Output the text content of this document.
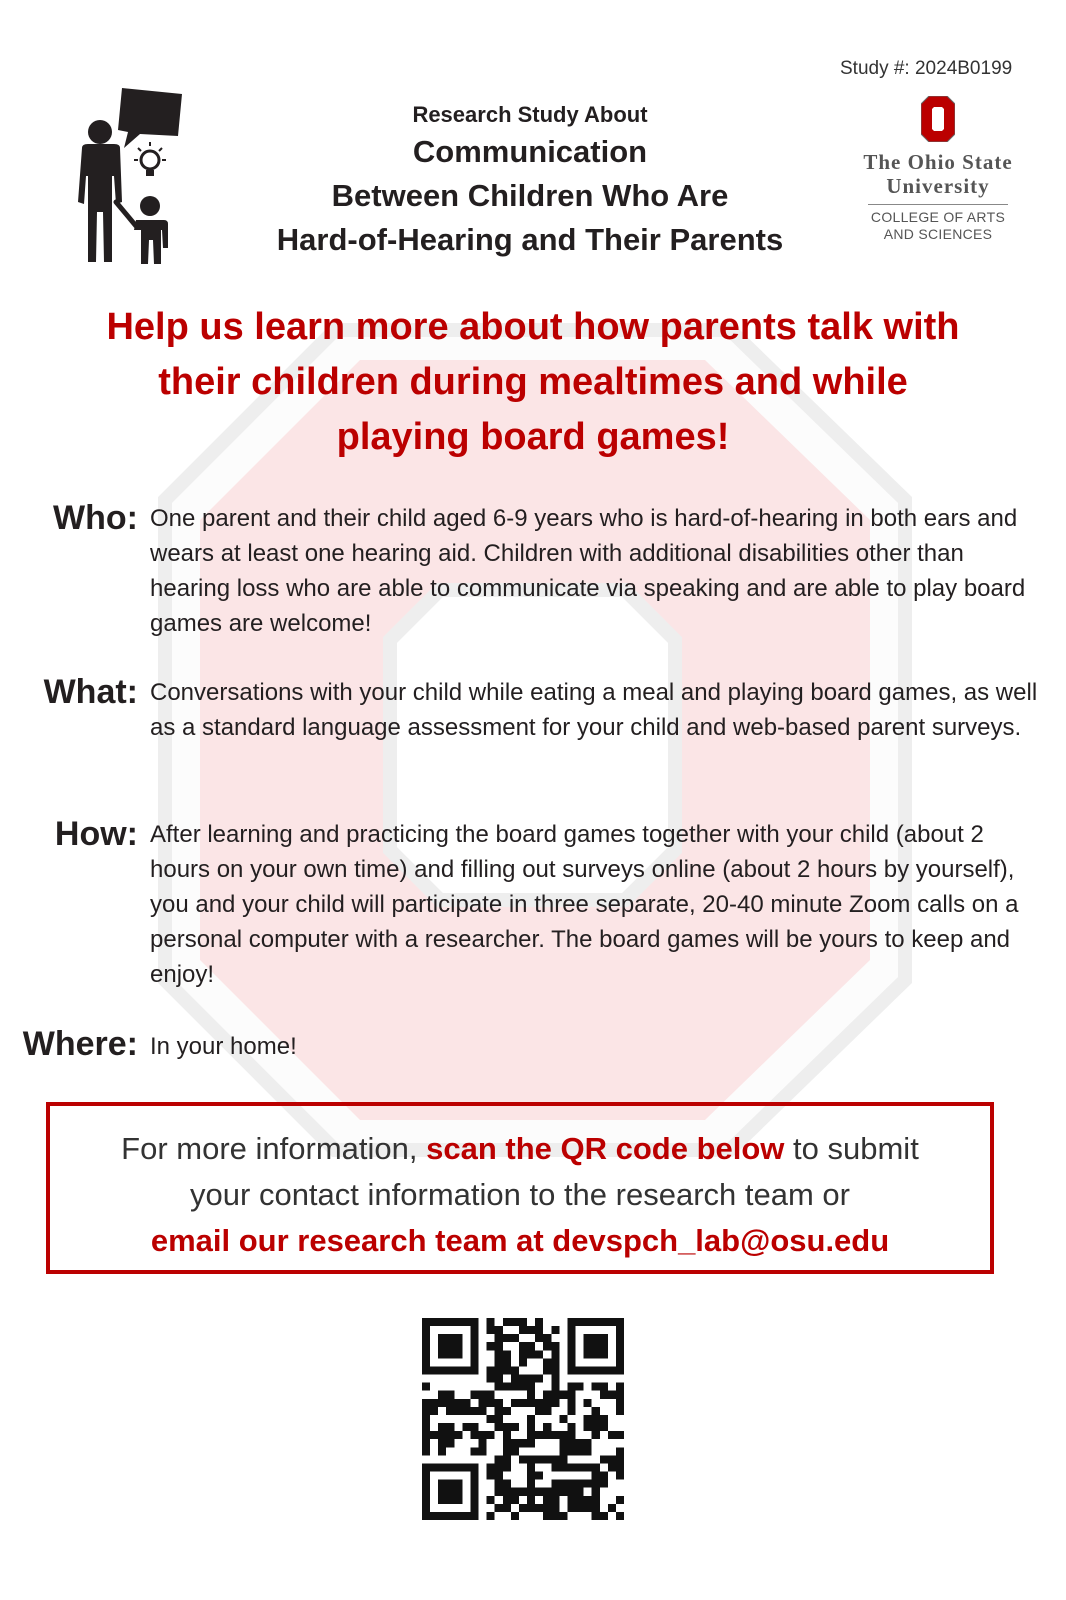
Study #: 2024B0199
Research Study About
Communication
Between Children Who Are
Hard-of-Hearing and Their Parents
The Ohio State
University
COLLEGE OF ARTS
AND SCIENCES
Help us learn more about how parents talk with
their children during mealtimes and while
playing board games!
Who: One parent and their child aged 6-9 years who is hard-of-hearing in both ears and wears at least one hearing aid. Children with additional disabilities other than hearing loss who are able to communicate via speaking and are able to play board games are welcome!
What: Conversations with your child while eating a meal and playing board games, as well as a standard language assessment for your child and web-based parent surveys.
How: After learning and practicing the board games together with your child (about 2 hours on your own time) and filling out surveys online (about 2 hours by yourself), you and your child will participate in three separate, 20-40 minute Zoom calls on a personal computer with a researcher. The board games will be yours to keep and enjoy!
Where: In your home!
For more information, scan the QR code below to submit
your contact information to the research team or
email our research team at devspch_lab@osu.edu
